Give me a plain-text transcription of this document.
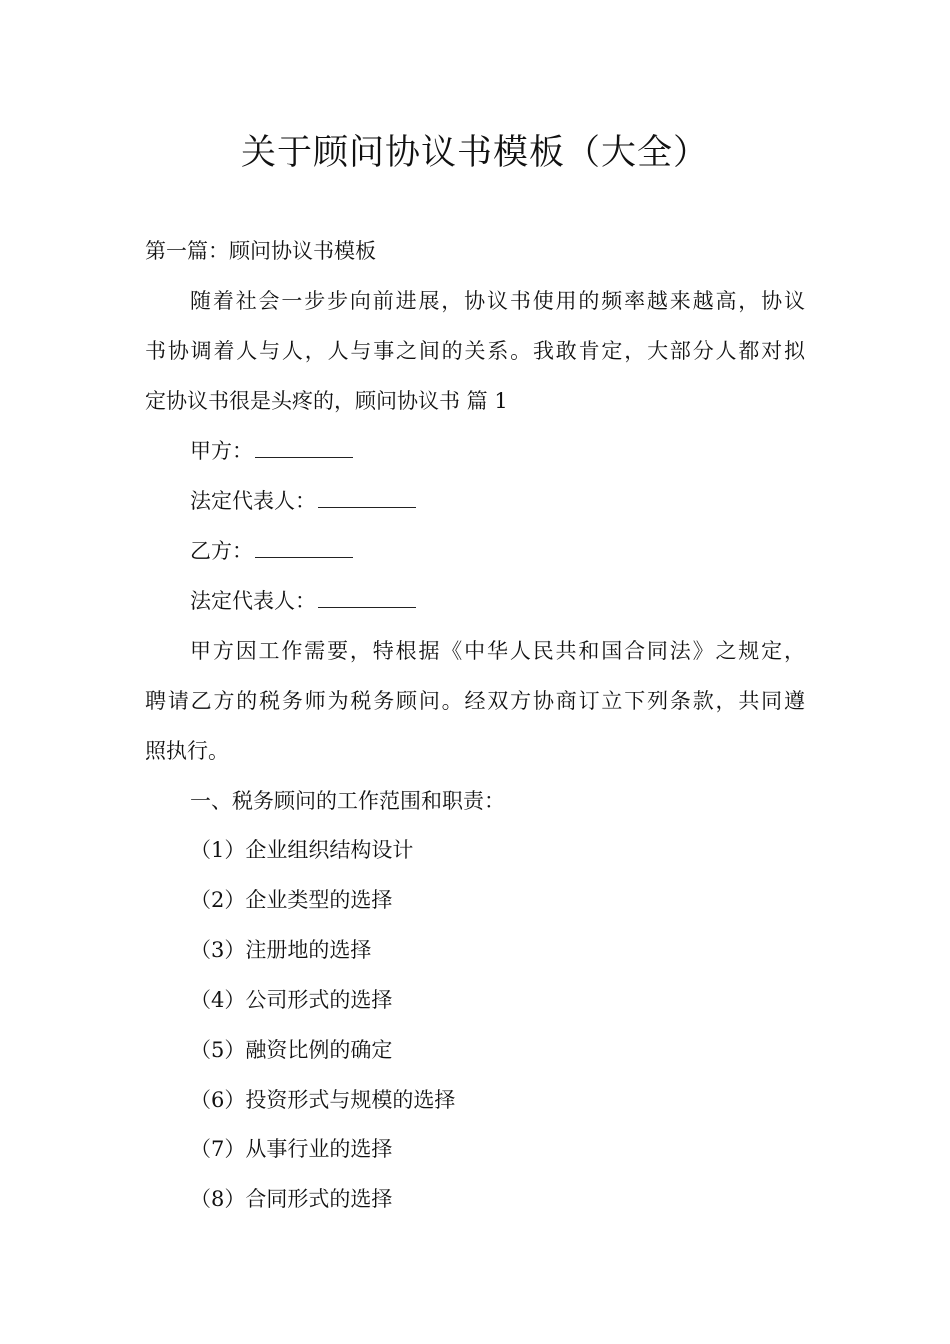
关于顾问协议书模板（大全）
第一篇：顾问协议书模板
随着社会一步步向前进展，协议书使用的频率越来越高，协议
书协调着人与人，人与事之间的关系。我敢肯定，大部分人都对拟
定协议书很是头疼的，顾问协议书 篇 1
甲方：
法定代表人：
乙方：
法定代表人：
甲方因工作需要，特根据《中华人民共和国合同法》之规定，
聘请乙方的税务师为税务顾问。经双方协商订立下列条款，共同遵
照执行。
一、税务顾问的工作范围和职责：
（1）企业组织结构设计
（2）企业类型的选择
（3）注册地的选择
（4）公司形式的选择
（5）融资比例的确定
（6）投资形式与规模的选择
（7）从事行业的选择
（8）合同形式的选择
